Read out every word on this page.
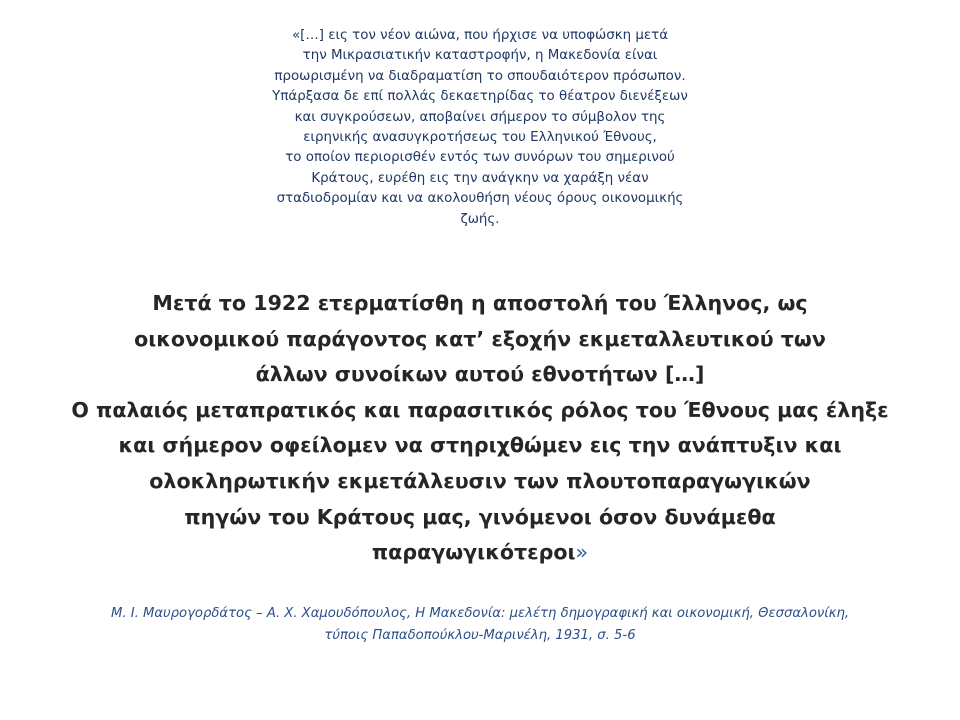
«[…] εις τον νέον αιώνα, που ήρχισε να υποφώσκη μετά
την Μικρασιατικήν καταστροφήν, η Μακεδονία είναι
προωρισμένη να διαδραματίση το σπουδαιότερον πρόσωπον.
Υπάρξασα δε επί πολλάς δεκαετηρίδας το θέατρον διενέξεων
και συγκρούσεων, αποβαίνει σήμερον το σύμβολον της
ειρηνικής ανασυγκροτήσεως του Ελληνικού Έθνους,
το οποίον περιορισθέν εντός των συνόρων του σημερινού
Κράτους, ευρέθη εις την ανάγκην να χαράξη νέαν
σταδιοδρομίαν και να ακολουθήση νέους όρους οικονομικής
ζωής.
Μετά το 1922 ετερματίσθη η αποστολή του Έλληνος, ως
οικονομικού παράγοντος κατ’ εξοχήν εκμεταλλευτικού των
άλλων συνοίκων αυτού εθνοτήτων […]
Ο παλαιός μεταπρατικός και παρασιτικός ρόλος του Έθνους μας έληξε
και σήμερον οφείλομεν να στηριχθώμεν εις την ανάπτυξιν και
ολοκληρωτικήν εκμετάλλευσιν των πλουτοπαραγωγικών
πηγών του Κράτους μας, γινόμενοι όσον δυνάμεθα
παραγωγικότεροι»
Μ. Ι. Μαυρογορδάτος – Α. Χ. Χαμουδόπουλος, Η Μακεδονία: μελέτη δημογραφική και οικονομική, Θεσσαλονίκη,
τύποις Παπαδοπούκλου-Μαρινέλη, 1931, σ. 5-6
